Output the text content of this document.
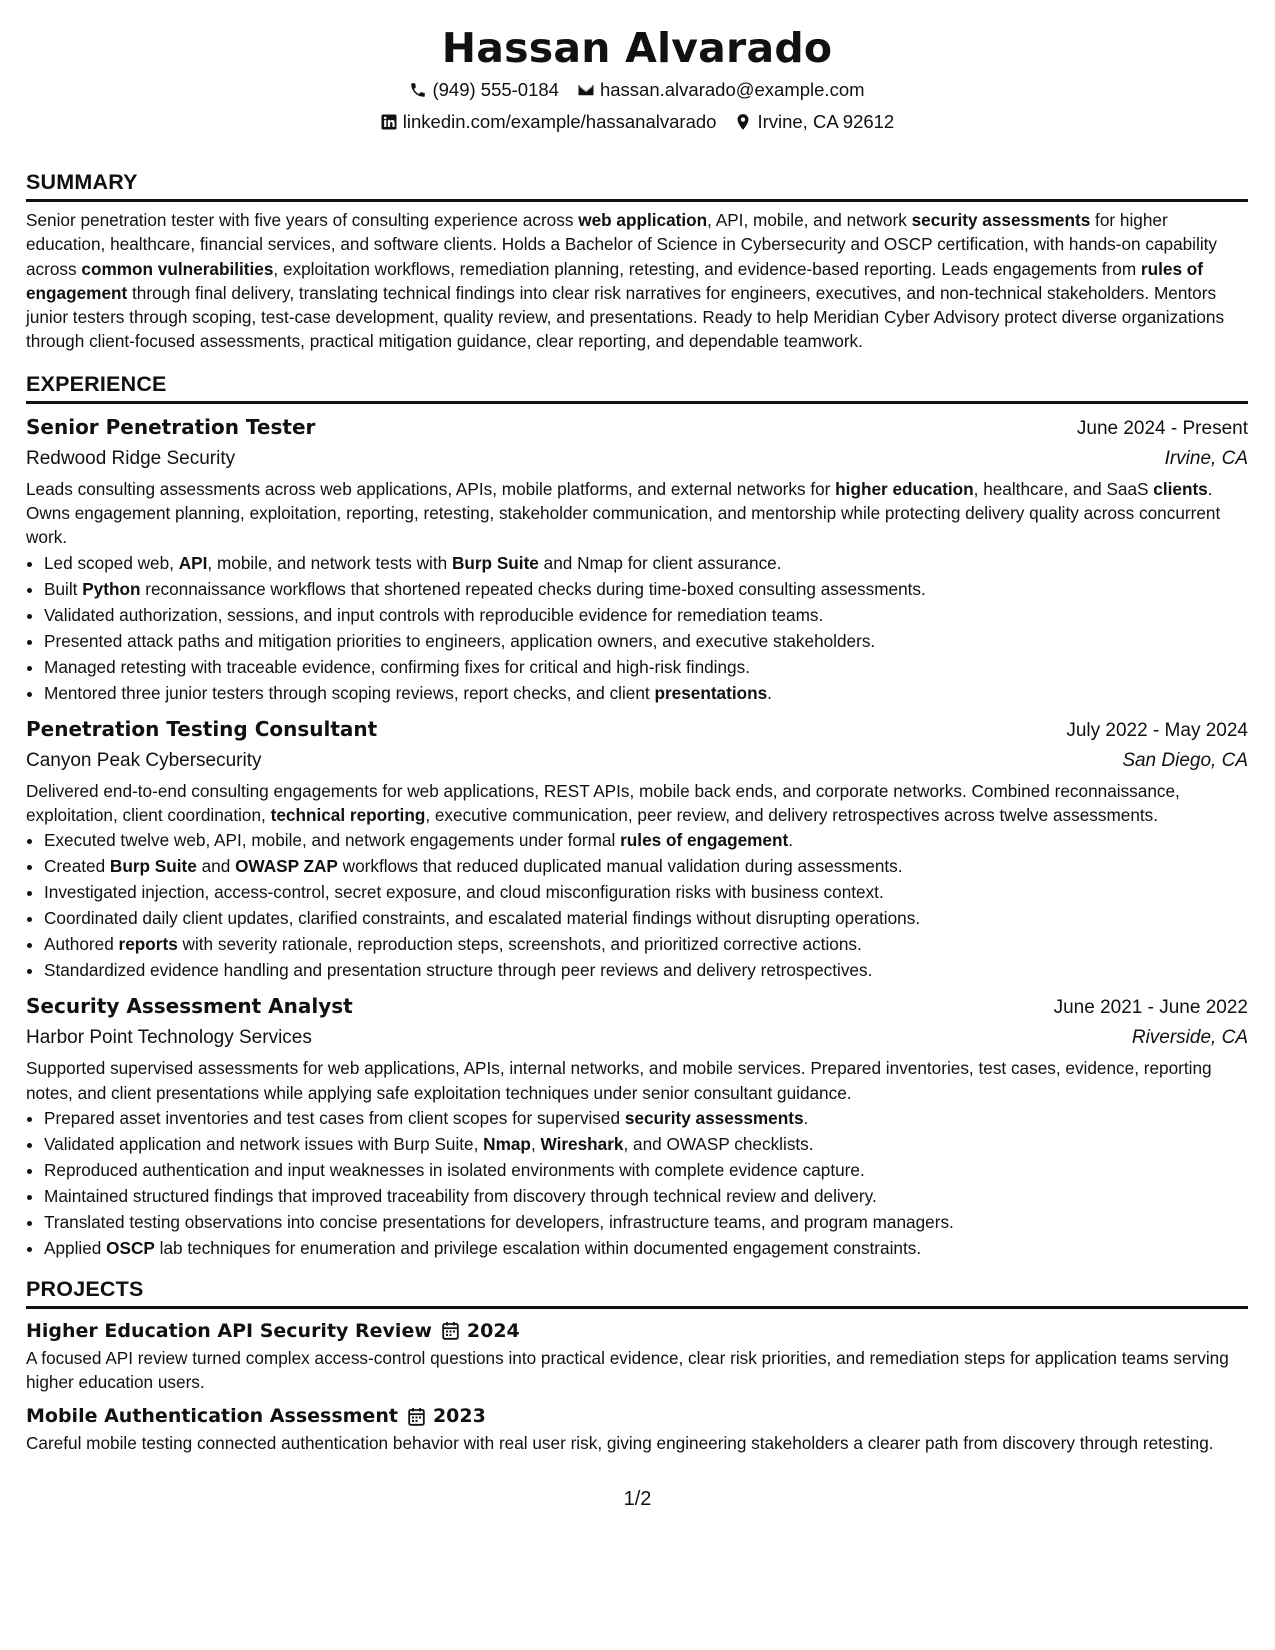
Hassan Alvarado
(949) 555-0184 hassan.alvarado@example.com
linkedin.com/example/hassanalvarado Irvine, CA 92612
SUMMARY

Senior penetration tester with five years of consulting experience across web application, API, mobile, and network security assessments for higher education, healthcare, financial services, and software clients. Holds a Bachelor of Science in Cybersecurity and OSCP certification, with hands-on capability across common vulnerabilities, exploitation workflows, remediation planning, retesting, and evidence-based reporting. Leads engagements from rules of engagement through final delivery, translating technical findings into clear risk narratives for engineers, executives, and non-technical stakeholders. Mentors junior testers through scoping, test-case development, quality review, and presentations. Ready to help Meridian Cyber Advisory protect diverse organizations through client-focused assessments, practical mitigation guidance, clear reporting, and dependable teamwork.

EXPERIENCE
Senior Penetration Tester	June 2024 - Present
Redwood Ridge Security	Irvine, CA

Leads consulting assessments across web applications, APIs, mobile platforms, and external networks for higher education, healthcare, and SaaS clients. Owns engagement planning, exploitation, reporting, retesting, stakeholder communication, and mentorship while protecting delivery quality across concurrent work.

• Led scoped web, API, mobile, and network tests with Burp Suite and Nmap for client assurance.
• Built Python reconnaissance workflows that shortened repeated checks during time-boxed consulting assessments.
• Validated authorization, sessions, and input controls with reproducible evidence for remediation teams.
• Presented attack paths and mitigation priorities to engineers, application owners, and executive stakeholders.
• Managed retesting with traceable evidence, confirming fixes for critical and high-risk findings.
• Mentored three junior testers through scoping reviews, report checks, and client presentations.
Penetration Testing Consultant	July 2022 - May 2024
Canyon Peak Cybersecurity	San Diego, CA

Delivered end-to-end consulting engagements for web applications, REST APIs, mobile back ends, and corporate networks. Combined reconnaissance, exploitation, client coordination, technical reporting, executive communication, peer review, and delivery retrospectives across twelve assessments.

• Executed twelve web, API, mobile, and network engagements under formal rules of engagement.
• Created Burp Suite and OWASP ZAP workflows that reduced duplicated manual validation during assessments.
• Investigated injection, access-control, secret exposure, and cloud misconfiguration risks with business context.
• Coordinated daily client updates, clarified constraints, and escalated material findings without disrupting operations.
• Authored reports with severity rationale, reproduction steps, screenshots, and prioritized corrective actions.
• Standardized evidence handling and presentation structure through peer reviews and delivery retrospectives.
Security Assessment Analyst	June 2021 - June 2022
Harbor Point Technology Services	Riverside, CA

Supported supervised assessments for web applications, APIs, internal networks, and mobile services. Prepared inventories, test cases, evidence, reporting notes, and client presentations while applying safe exploitation techniques under senior consultant guidance.

• Prepared asset inventories and test cases from client scopes for supervised security assessments.
• Validated application and network issues with Burp Suite, Nmap, Wireshark, and OWASP checklists.
• Reproduced authentication and input weaknesses in isolated environments with complete evidence capture.
• Maintained structured findings that improved traceability from discovery through technical review and delivery.
• Translated testing observations into concise presentations for developers, infrastructure teams, and program managers.
• Applied OSCP lab techniques for enumeration and privilege escalation within documented engagement constraints.
PROJECTS
Higher Education API Security Review 2024

A focused API review turned complex access-control questions into practical evidence, clear risk priorities, and remediation steps for application teams serving higher education users.

Mobile Authentication Assessment 2023

Careful mobile testing connected authentication behavior with real user risk, giving engineering stakeholders a clearer path from discovery through retesting.

1/2
